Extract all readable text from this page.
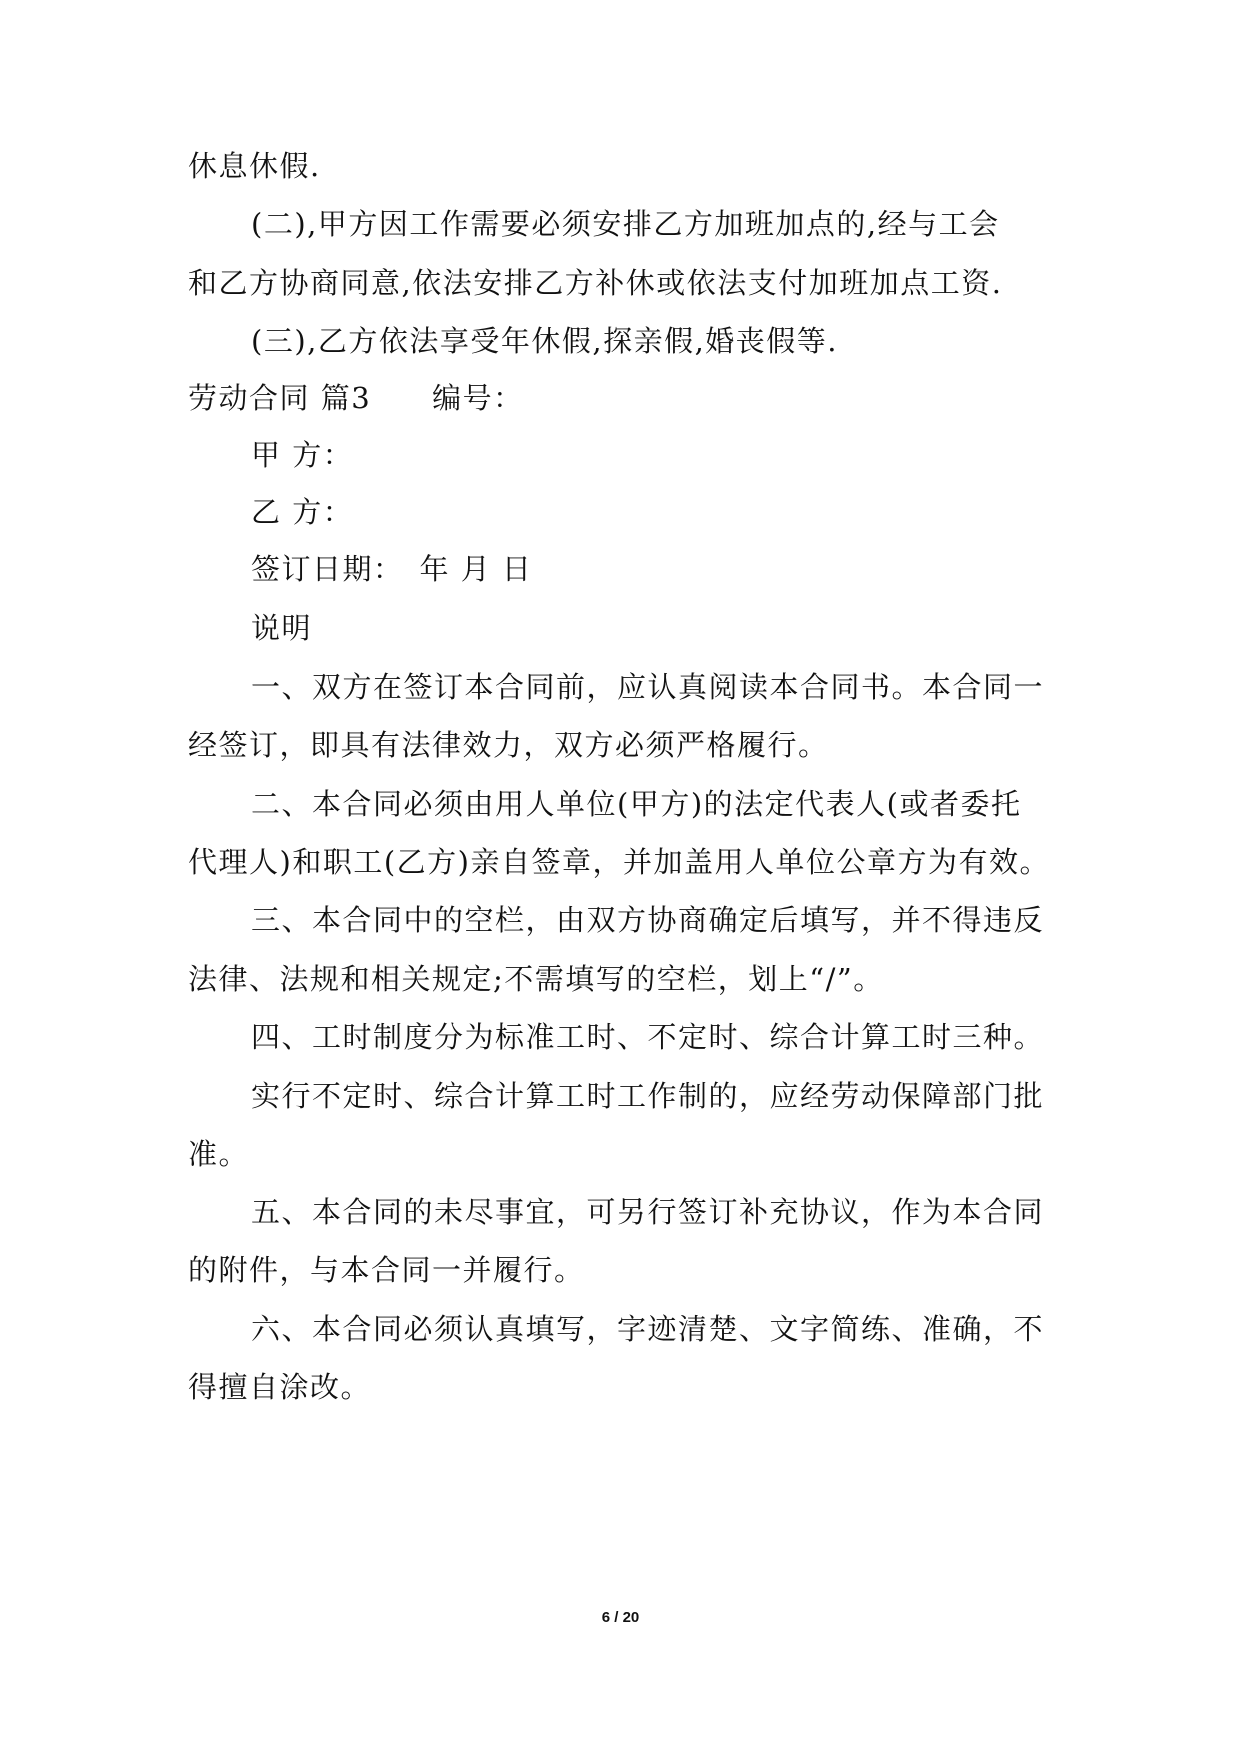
休息休假.
(二),甲方因工作需要必须安排乙方加班加点的,经与工会
和乙方协商同意,依法安排乙方补休或依法支付加班加点工资.
(三),乙方依法享受年休假,探亲假,婚丧假等.
劳动合同 篇3　　编号：
甲 方：
乙 方：
签订日期：　年 月 日
说明
一、双方在签订本合同前，应认真阅读本合同书。本合同一
经签订，即具有法律效力，双方必须严格履行。
二、本合同必须由用人单位(甲方)的法定代表人(或者委托
代理人)和职工(乙方)亲自签章，并加盖用人单位公章方为有效。
三、本合同中的空栏，由双方协商确定后填写，并不得违反
法律、法规和相关规定;不需填写的空栏，划上“/”。
四、工时制度分为标准工时、不定时、综合计算工时三种。
实行不定时、综合计算工时工作制的，应经劳动保障部门批
准。
五、本合同的未尽事宜，可另行签订补充协议，作为本合同
的附件，与本合同一并履行。
六、本合同必须认真填写，字迹清楚、文字简练、准确，不
得擅自涂改。
6 / 20
